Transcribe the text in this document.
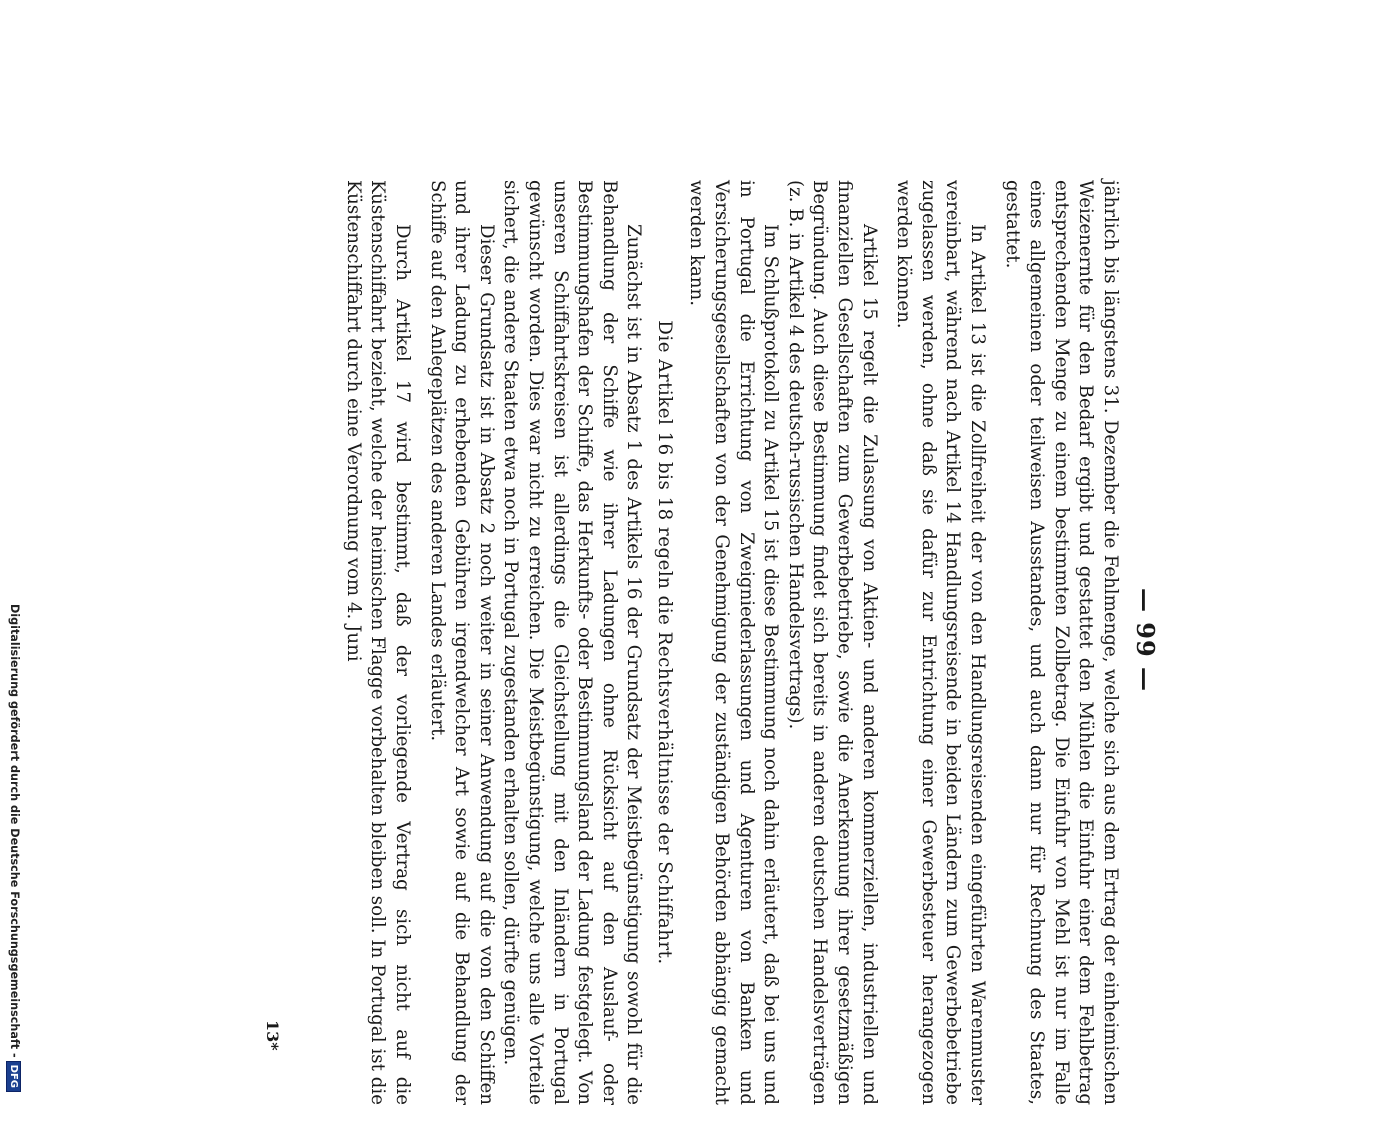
— 99 —

jährlich bis längstens 31. Dezember die Fehlmenge, welche sich aus dem Ertrag der einheimischen Weizenernte für den Bedarf ergibt und gestattet den Mühlen die Einfuhr einer dem Fehlbetrag entsprechenden Menge zu einem bestimmten Zollbetrag. Die Einfuhr von Mehl ist nur im Falle eines allgemeinen oder teilweisen Ausstandes, und auch dann nur für Rechnung des Staates, gestattet.

In Artikel 13 ist die Zollfreiheit der von den Handlungsreisenden eingeführten Warenmuster vereinbart, während nach Artikel 14 Handlungsreisende in beiden Ländern zum Gewerbebetriebe zugelassen werden, ohne daß sie dafür zur Entrichtung einer Gewerbesteuer herangezogen werden können.

Artikel 15 regelt die Zulassung von Aktien- und anderen kommerziellen, industriellen und finanziellen Gesellschaften zum Gewerbebetriebe, sowie die Anerkennung ihrer gesetzmäßigen Begründung. Auch diese Bestimmung findet sich bereits in anderen deutschen Handelsverträgen (z. B. in Artikel 4 des deutsch-russischen Handelsvertrags).

Im Schlußprotokoll zu Artikel 15 ist diese Bestimmung noch dahin erläutert, daß bei uns und in Portugal die Errichtung von Zweigniederlassungen und Agenturen von Banken und Versicherungsgesellschaften von der Genehmigung der zuständigen Behörden abhängig gemacht werden kann.

Die Artikel 16 bis 18 regeln die Rechtsverhältnisse der Schiffahrt.

Zunächst ist in Absatz 1 des Artikels 16 der Grundsatz der Meistbegünstigung sowohl für die Behandlung der Schiffe wie ihrer Ladungen ohne Rücksicht auf den Auslauf- oder Bestimmungshafen der Schiffe, das Herkunfts- oder Bestimmungsland der Ladung festgelegt. Von unseren Schiffahrtskreisen ist allerdings die Gleichstellung mit den Inländern in Portugal gewünscht worden. Dies war nicht zu erreichen. Die Meistbegünstigung, welche uns alle Vorteile sichert, die andere Staaten etwa noch in Portugal zugestanden erhalten sollen, dürfte genügen.

Dieser Grundsatz ist in Absatz 2 noch weiter in seiner Anwendung auf die von den Schiffen und ihrer Ladung zu erhebenden Gebühren irgendwelcher Art sowie auf die Behandlung der Schiffe auf den Anlegeplätzen des anderen Landes erläutert.

Durch Artikel 17 wird bestimmt, daß der vorliegende Vertrag sich nicht auf die Küstenschiffahrt bezieht, welche der heimischen Flagge vorbehalten bleiben soll. In Portugal ist die Küstenschiffahrt durch eine Verordnung vom 4. Juni

13*
Digitalisierung gefördert durch die Deutsche Forschungsgemeinschaft -DFG
